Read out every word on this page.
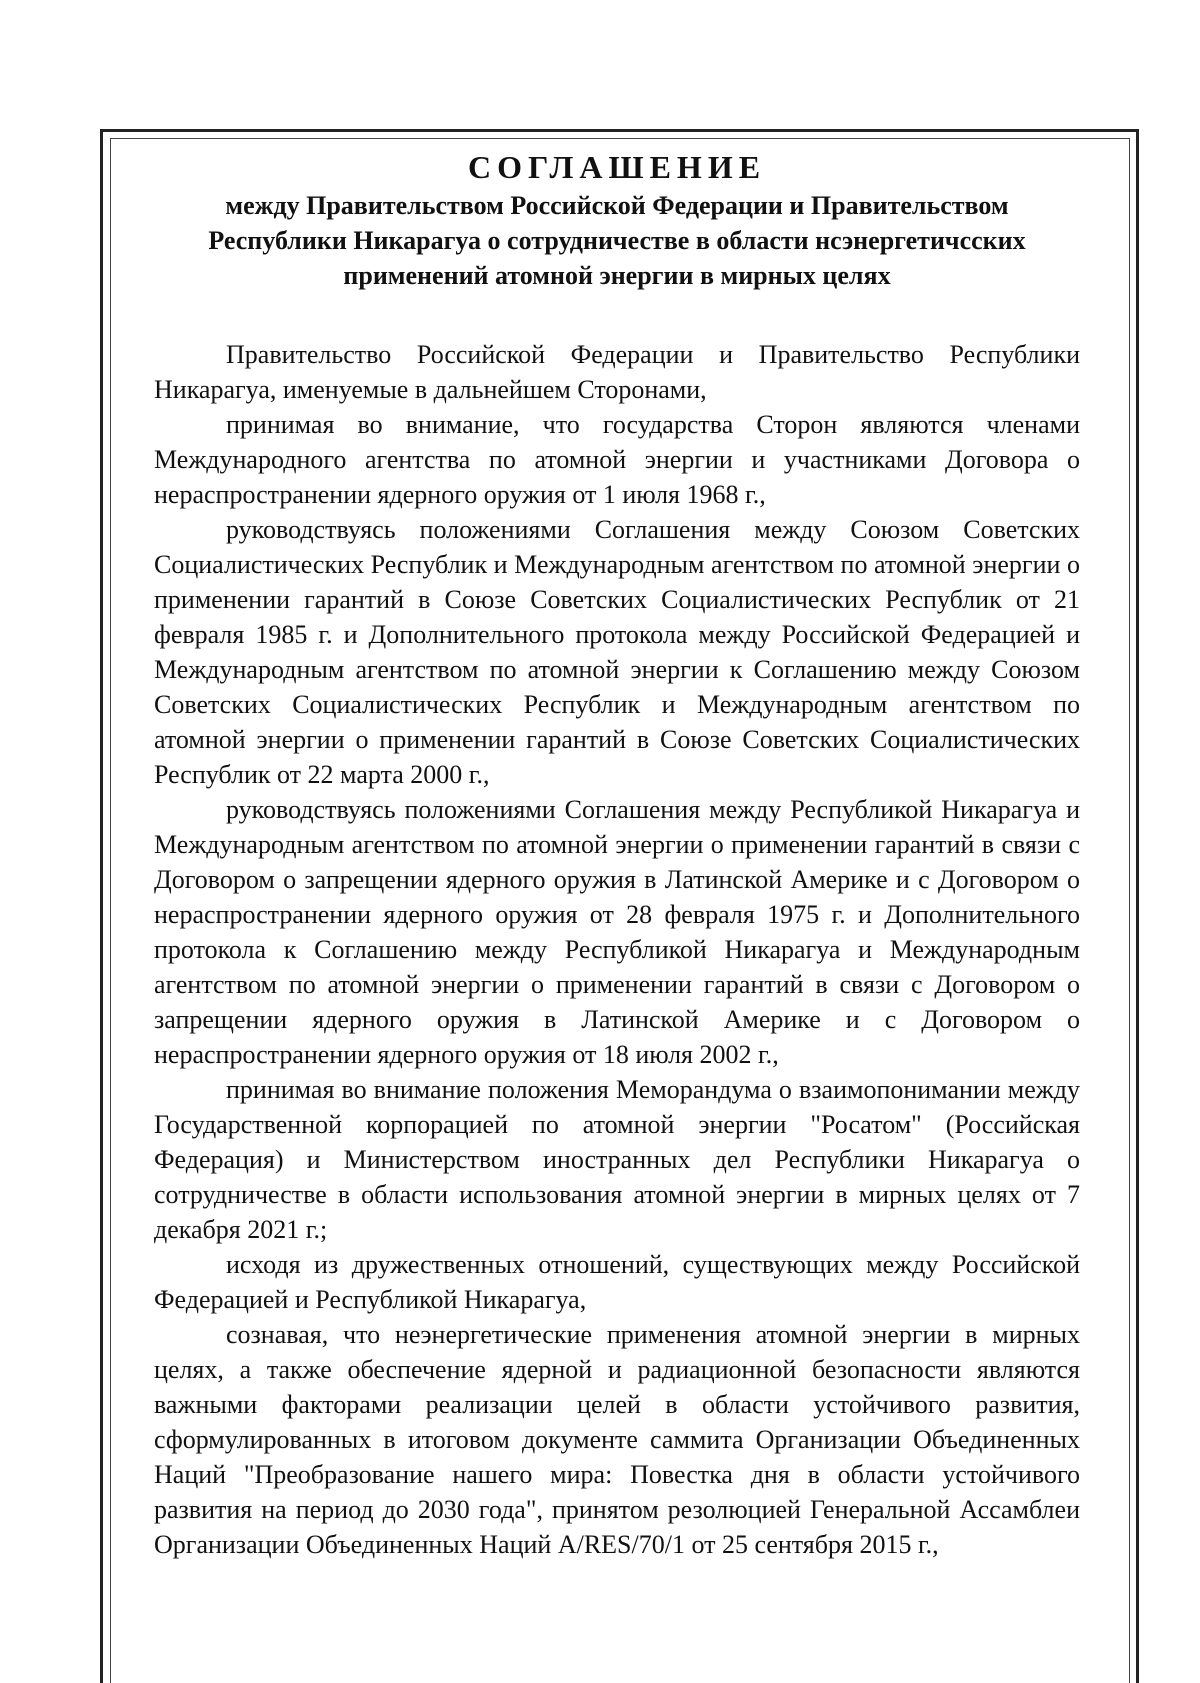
СОГЛАШЕНИЕ
между Правительством Российской Федерации и Правительством Республики Никарагуа о сотрудничестве в области нсэнергетичсских применений атомной энергии в мирных целях

Правительство Российской Федерации и Правительство Республики Никарагуа, именуемые в дальнейшем Сторонами,

принимая во внимание, что государства Сторон являются членами Международного агентства по атомной энергии и участниками Договора о нераспространении ядерного оружия от 1 июля 1968 г.,

руководствуясь положениями Соглашения между Союзом Советских Социалистических Республик и Международным агентством по атомной энергии о применении гарантий в Союзе Советских Социалистических Республик от 21 февраля 1985 г. и Дополнительного протокола между Российской Федерацией и Международным агентством по атомной энергии к Соглашению между Союзом Советских Социалистических Республик и Международным агентством по атомной энергии о применении гарантий в Союзе Советских Социалистических Республик от 22 марта 2000 г.,

руководствуясь положениями Соглашения между Республикой Никарагуа и Международным агентством по атомной энергии о применении гарантий в связи с Договором о запрещении ядерного оружия в Латинской Америке и с Договором о нераспространении ядерного оружия от 28 февраля 1975 г. и Дополнительного протокола к Соглашению между Республикой Никарагуа и Международным агентством по атомной энергии о применении гарантий в связи с Договором о запрещении ядерного оружия в Латинской Америке и с Договором о нераспространении ядерного оружия от 18 июля 2002 г.,

принимая во внимание положения Меморандума о взаимопонимании между Государственной корпорацией по атомной энергии "Росатом" (Российская Федерация) и Министерством иностранных дел Республики Никарагуа о сотрудничестве в области использования атомной энергии в мирных целях от 7 декабря 2021 г.;

исходя из дружественных отношений, существующих между Российской Федерацией и Республикой Никарагуа,

сознавая, что неэнергетические применения атомной энергии в мирных целях, а также обеспечение ядерной и радиационной безопасности являются важными факторами реализации целей в области устойчивого развития, сформулированных в итоговом документе саммита Организации Объединенных Наций "Преобразование нашего мира: Повестка дня в области устойчивого развития на период до 2030 года", принятом резолюцией Генеральной Ассамблеи Организации Объединенных Наций A/RES/70/1 от 25 сентября 2015 г.,
